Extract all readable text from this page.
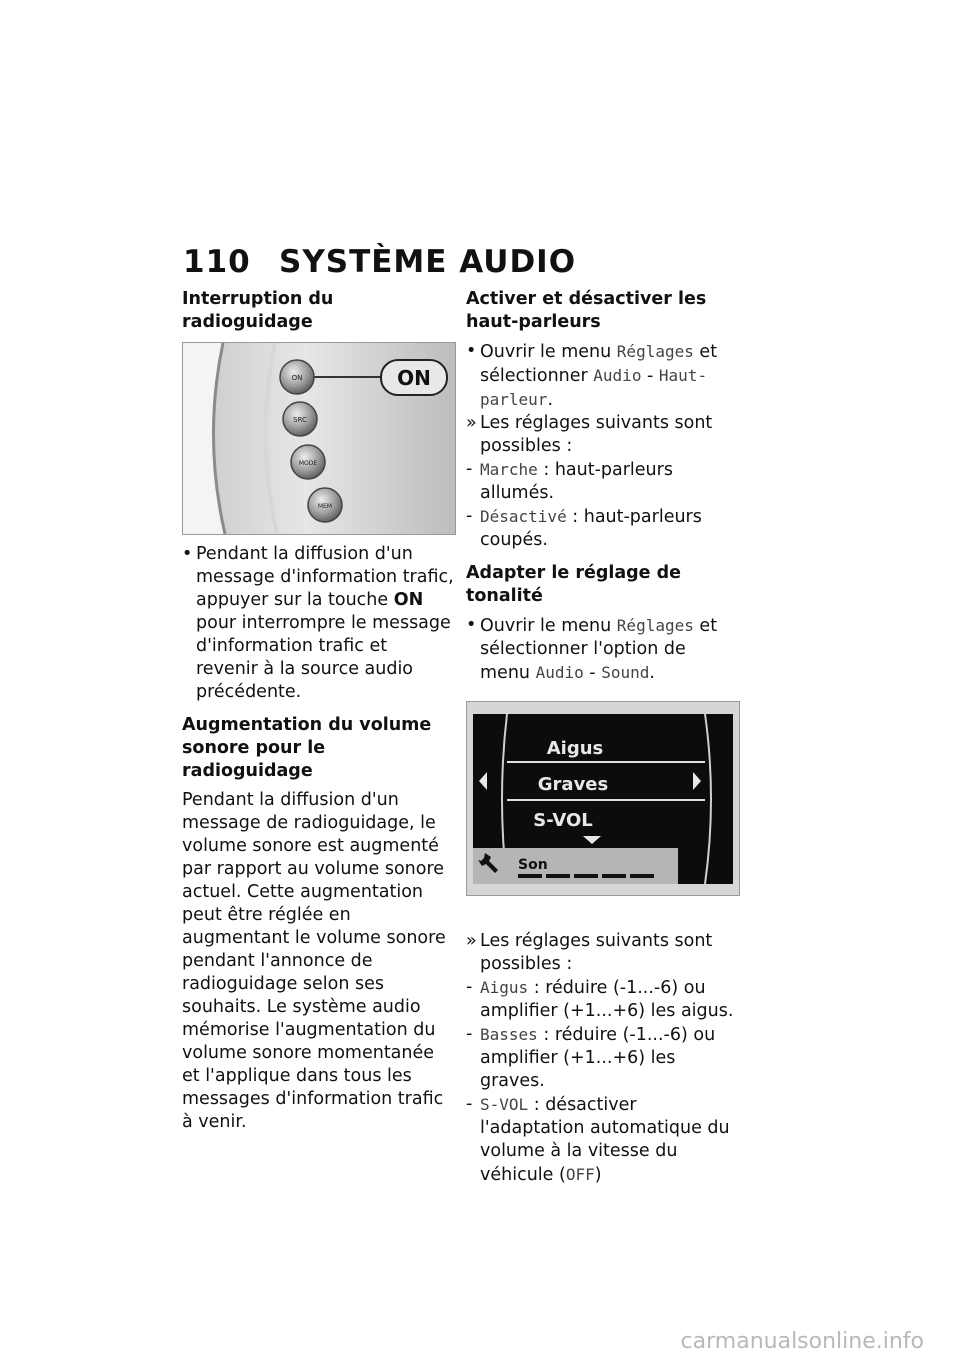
110 SYSTÈME AUDIO
Interruption du radioguidage
ON
SRC
MODE
MEM
ON
• Pendant la diffusion d'un message d'information trafic, appuyer sur la touche ON pour interrompre le message d'information trafic et revenir à la source audio précédente.
Augmentation du volume sonore pour le radioguidage

Pendant la diffusion d'un message de radioguidage, le volume sonore est augmenté par rapport au volume sonore actuel. Cette augmentation peut être réglée en augmentant le volume sonore pendant l'annonce de radioguidage selon ses souhaits. Le système audio mémorise l'augmentation du volume sonore momentanée et l'applique dans tous les messages d'information trafic à venir.

Activer et désactiver les haut-parleurs
• Ouvrir le menu Réglages et sélectionner Audio - Haut-parleur.
» Les réglages suivants sont possibles :
- Marche : haut-parleurs allumés.
- Désactivé : haut-parleurs coupés.
Adapter le réglage de tonalité
• Ouvrir le menu Réglages et sélectionner l'option de menu Audio - Sound.
Aigus
Graves
S-VOL
Son
» Les réglages suivants sont possibles :
- Aigus : réduire (-1...-6) ou amplifier (+1...+6) les aigus.
- Basses : réduire (-1...-6) ou amplifier (+1...+6) les graves.
- S-VOL : désactiver l'adaptation automatique du volume à la vitesse du véhicule (OFF)
carmanualsonline.info
